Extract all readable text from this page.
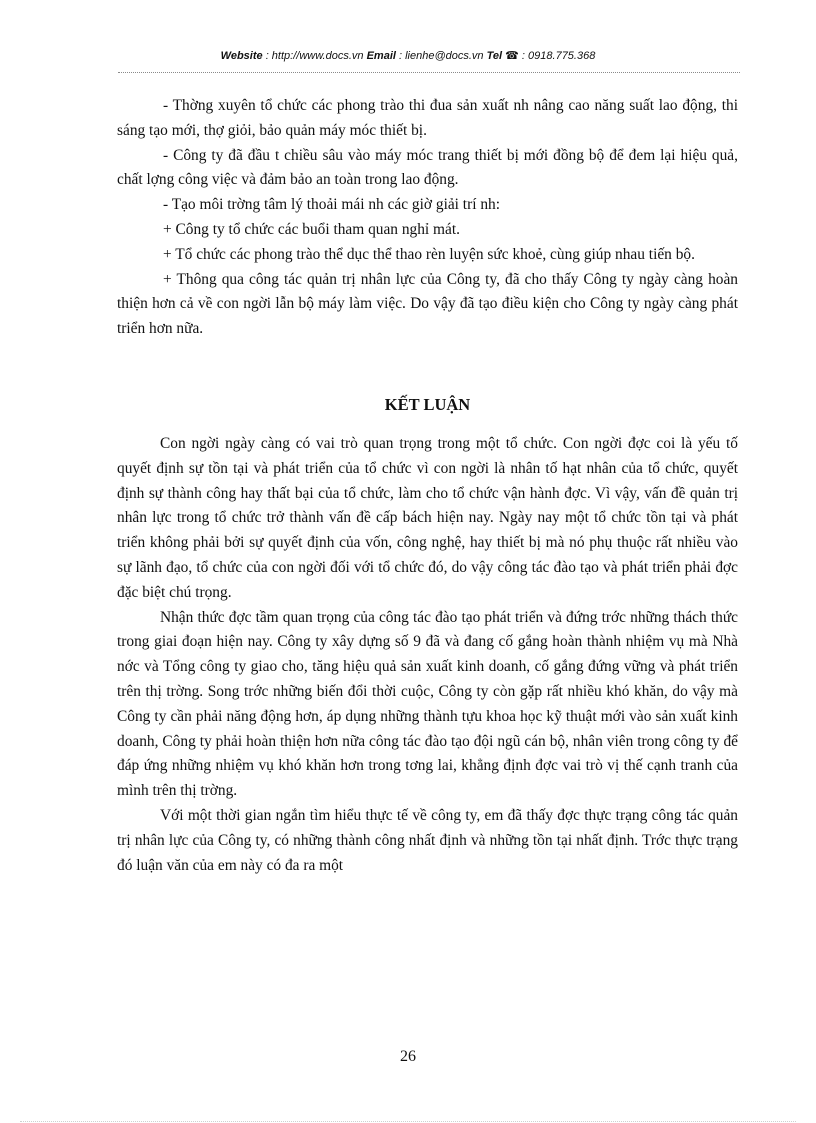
Website : http://www.docs.vn Email : lienhe@docs.vn Tel ☎ : 0918.775.368

- Thờng xuyên tổ chức các phong trào thi đua sản xuất nh nâng cao năng suất lao động, thi sáng tạo mới, thợ giỏi, bảo quản máy móc thiết bị.

- Công ty đã đầu t chiều sâu vào máy móc trang thiết bị mới đồng bộ để đem lại hiệu quả, chất lợng công việc và đảm bảo an toàn trong lao động.

- Tạo môi trờng tâm lý thoải mái nh các giờ giải trí nh:

+ Công ty tổ chức các buổi tham quan nghỉ mát.

+ Tổ chức các phong trào thể dục thể thao rèn luyện sức khoẻ, cùng giúp nhau tiến bộ.

+ Thông qua công tác quản trị nhân lực của Công ty, đã cho thấy Công ty ngày càng hoàn thiện hơn cả về con ngời lẫn bộ máy làm việc. Do vậy đã tạo điều kiện cho Công ty ngày càng phát triển hơn nữa.

KẾT LUẬN

Con ngời ngày càng có vai trò quan trọng trong một tổ chức. Con ngời đợc coi là yếu tố quyết định sự tồn tại và phát triển của tổ chức vì con ngời là nhân tố hạt nhân của tổ chức, quyết định sự thành công hay thất bại của tổ chức, làm cho tổ chức vận hành đợc. Vì vậy, vấn đề quản trị nhân lực trong tổ chức trở thành vấn đề cấp bách hiện nay. Ngày nay một tổ chức tồn tại và phát triển không phải bởi sự quyết định của vốn, công nghệ, hay thiết bị mà nó phụ thuộc rất nhiều vào sự lãnh đạo, tổ chức của con ngời đối với tổ chức đó, do vậy công tác đào tạo và phát triển phải đợc đặc biệt chú trọng.

Nhận thức đợc tầm quan trọng của công tác đào tạo phát triển và đứng trớc những thách thức trong giai đoạn hiện nay. Công ty xây dựng số 9 đã và đang cố gắng hoàn thành nhiệm vụ mà Nhà nớc và Tổng công ty giao cho, tăng hiệu quả sản xuất kinh doanh, cố gắng đứng vững và phát triển trên thị trờng. Song trớc những biến đổi thời cuộc, Công ty còn gặp rất nhiều khó khăn, do vậy mà Công ty cần phải năng động hơn, áp dụng những thành tựu khoa học kỹ thuật mới vào sản xuất kinh doanh, Công ty phải hoàn thiện hơn nữa công tác đào tạo đội ngũ cán bộ, nhân viên trong công ty để đáp ứng những nhiệm vụ khó khăn hơn trong tơng lai, khẳng định đợc vai trò vị thế cạnh tranh của mình trên thị trờng.

Với một thời gian ngắn tìm hiểu thực tế về công ty, em đã thấy đợc thực trạng công tác quản trị nhân lực của Công ty, có những thành công nhất định và những tồn tại nhất định. Trớc thực trạng đó luận văn của em này có đa ra một

26
